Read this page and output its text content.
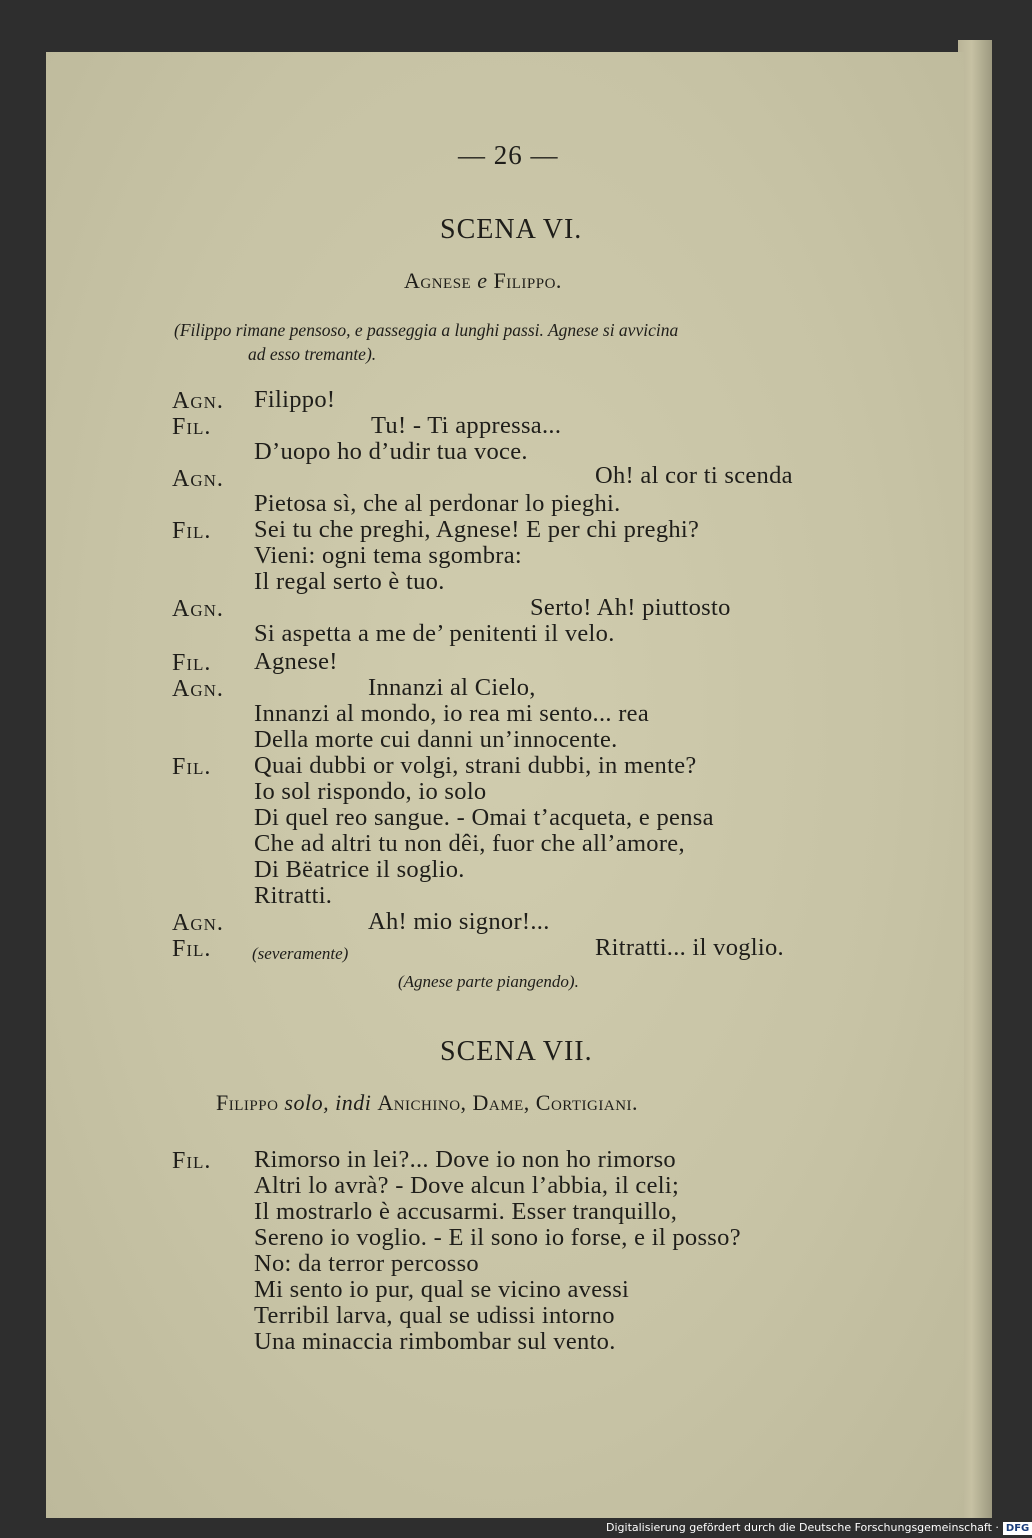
— 26 —
SCENA VI.
Agnese e Filippo.
(Filippo rimane pensoso, e passeggia a lunghi passi. Agnese si avvicina
ad esso tremante).
Agn. Filippo!
Fil.	Tu! - Ti appressa...
D’uopo ho d’udir tua voce.
Agn.	Oh! al cor ti scenda
Pietosa sì, che al perdonar lo pieghi.
Fil. Sei tu che preghi, Agnese! E per chi preghi?
Vieni: ogni tema sgombra:
Il regal serto è tuo.
Agn.	Serto! Ah! piuttosto
Si aspetta a me de’ penitenti il velo.
Fil. Agnese!
Agn.	Innanzi al Cielo,
Innanzi al mondo, io rea mi sento... rea
Della morte cui danni un’innocente.
Fil. Quai dubbi or volgi, strani dubbi, in mente?
Io sol rispondo, io solo
Di quel reo sangue. - Omai t’acqueta, e pensa
Che ad altri tu non dêi, fuor che all’amore,
Di Bëatrice il soglio.
Ritratti.
Agn.	Ah! mio signor!...
Fil. (severamente)	Ritratti... il voglio.
(Agnese parte piangendo).
SCENA VII.
Filippo solo, indi Anichino, Dame, Cortigiani.
Fil. Rimorso in lei?... Dove io non ho rimorso
Altri lo avrà? - Dove alcun l’abbia, il celi;
Il mostrarlo è accusarmi. Esser tranquillo,
Sereno io voglio. - E il sono io forse, e il posso?
No: da terror percosso
Mi sento io pur, qual se vicino avessi
Terribil larva, qual se udissi intorno
Una minaccia rimbombar sul vento.
Digitalisierung gefördert durch die Deutsche Forschungsgemeinschaft · DFG
